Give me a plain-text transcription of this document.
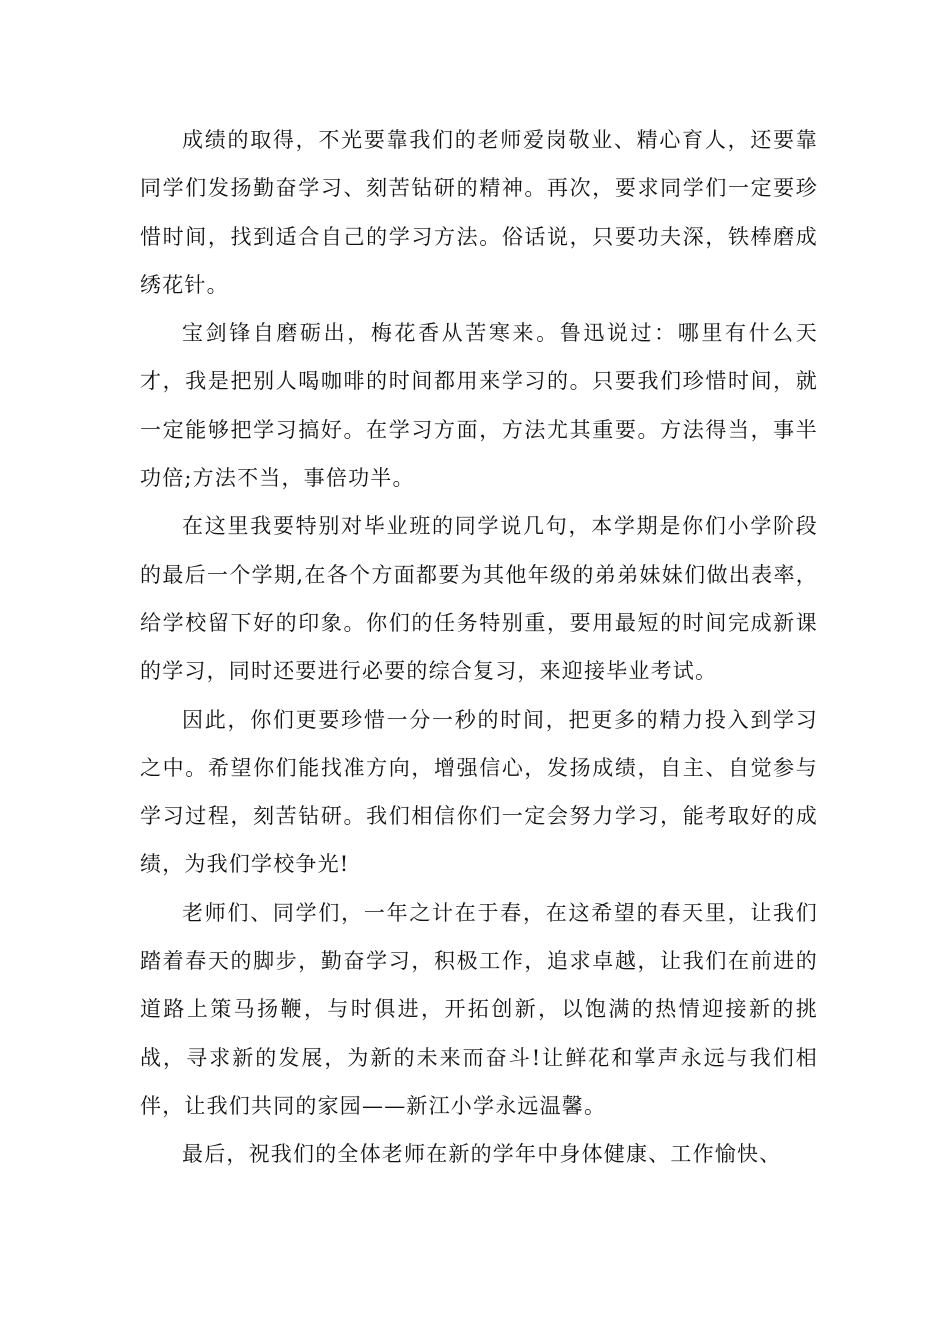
成绩的取得，不光要靠我们的老师爱岗敬业、精心育人，还要靠同学们发扬勤奋学习、刻苦钻研的精神。再次，要求同学们一定要珍惜时间，找到适合自己的学习方法。俗话说，只要功夫深，铁棒磨成绣花针。

宝剑锋自磨砺出，梅花香从苦寒来。鲁迅说过：哪里有什么天才，我是把别人喝咖啡的时间都用来学习的。只要我们珍惜时间，就一定能够把学习搞好。在学习方面，方法尤其重要。方法得当，事半功倍;方法不当，事倍功半。

在这里我要特别对毕业班的同学说几句，本学期是你们小学阶段的最后一个学期,在各个方面都要为其他年级的弟弟妹妹们做出表率，给学校留下好的印象。你们的任务特别重，要用最短的时间完成新课的学习，同时还要进行必要的综合复习，来迎接毕业考试。

因此，你们更要珍惜一分一秒的时间，把更多的精力投入到学习之中。希望你们能找准方向，增强信心，发扬成绩，自主、自觉参与学习过程，刻苦钻研。我们相信你们一定会努力学习，能考取好的成绩，为我们学校争光!

老师们、同学们，一年之计在于春，在这希望的春天里，让我们踏着春天的脚步，勤奋学习，积极工作，追求卓越，让我们在前进的道路上策马扬鞭，与时俱进，开拓创新，以饱满的热情迎接新的挑战，寻求新的发展，为新的未来而奋斗!让鲜花和掌声永远与我们相伴，让我们共同的家园——新江小学永远温馨。

最后，祝我们的全体老师在新的学年中身体健康、工作愉快、
